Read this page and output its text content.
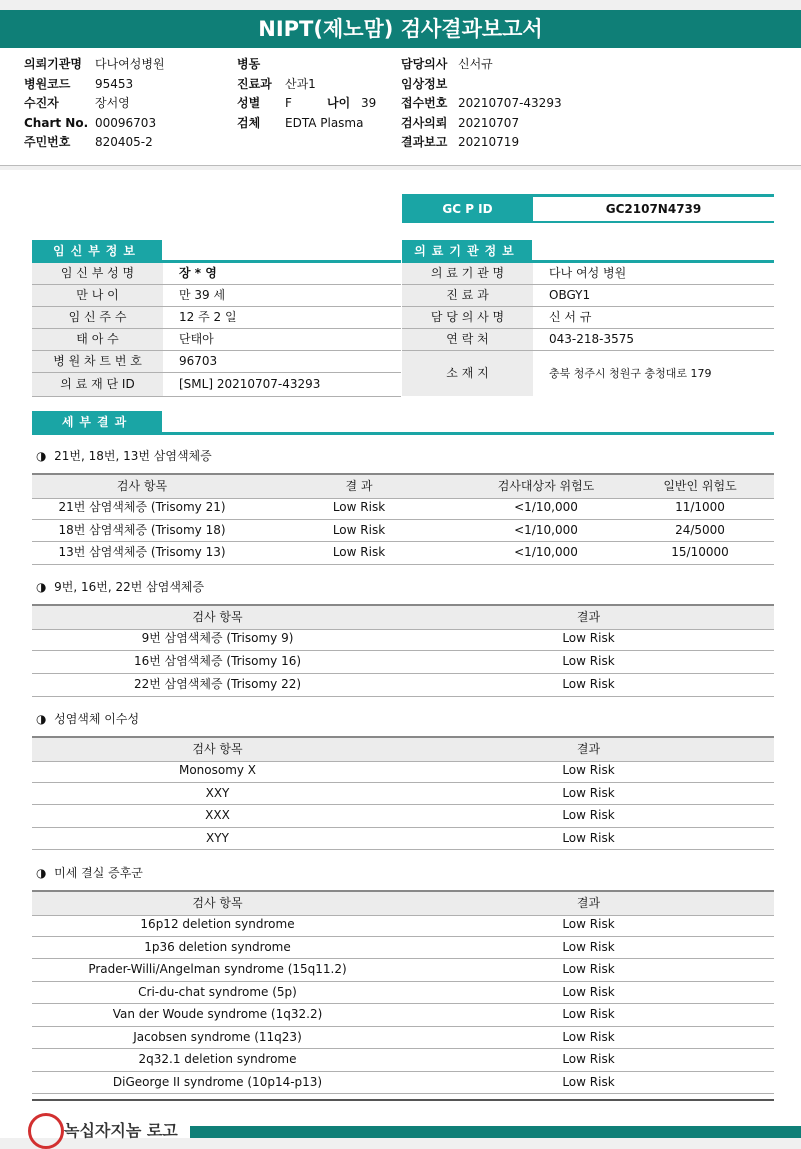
NIPT(제노맘) 검사결과보고서
의뢰기관명 다나여성병원
병원코드 95453
수진자	장서영
Chart No. 00096703
주민번호 820405-2
병동
진료과 산과1
성별 F	나이 39
검체 EDTA Plasma
담당의사 신서규
임상정보
접수번호 20210707-43293
검사의뢰 20210707
결과보고 20210719
GC P ID	GC2107N4739
임신부정보
임 신 부 성 명	장 * 영
만 나 이	만 39 세
임 신 주 수	12 주 2 일
태 아 수	단태아
병 원 차 트 번 호	96703
의 료 재 단 ID	[SML] 20210707-43293
의료기관정보
의 료 기 관 명	다나 여성 병원
진 료 과	OBGY1
담 당 의 사 명	신 서 규
연 락 처	043-218-3575
소 재 지	충북 청주시 청원구 충청대로 179
세부결과
◑ 21번, 18번, 13번 삼염색체증
검사 항목	결 과	검사대상자 위험도	일반인 위험도
21번 삼염색체증 (Trisomy 21)	Low Risk	<1/10,000	11/1000
18번 삼염색체증 (Trisomy 18)	Low Risk	<1/10,000	24/5000
13번 삼염색체증 (Trisomy 13)	Low Risk	<1/10,000	15/10000
◑ 9번, 16번, 22번 삼염색체증
검사 항목	결과
9번 삼염색체증 (Trisomy 9)	Low Risk
16번 삼염색체증 (Trisomy 16)	Low Risk
22번 삼염색체증 (Trisomy 22)	Low Risk
◑ 성염색체 이수성
검사 항목	결과
Monosomy X	Low Risk
XXY	Low Risk
XXX	Low Risk
XYY	Low Risk
◑ 미세 결실 증후군
검사 항목	결과
16p12 deletion syndrome	Low Risk
1p36 deletion syndrome	Low Risk
Prader-Willi/Angelman syndrome (15q11.2)	Low Risk
Cri-du-chat syndrome (5p)	Low Risk
Van der Woude syndrome (1q32.2)	Low Risk
Jacobsen syndrome (11q23)	Low Risk
2q32.1 deletion syndrome	Low Risk
DiGeorge II syndrome (10p14-p13)	Low Risk
녹십자지놈 로고
